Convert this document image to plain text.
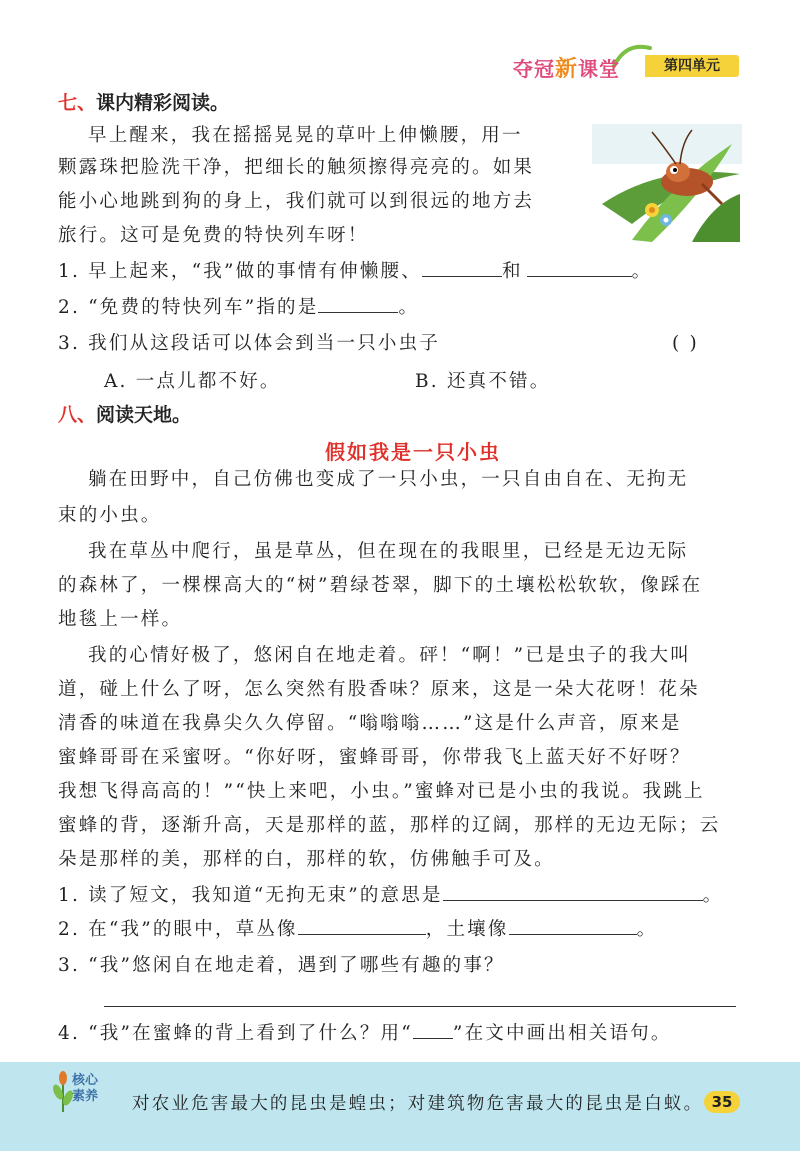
夺冠新课堂	第四单元
七、课内精彩阅读。
早上醒来，我在摇摇晃晃的草叶上伸懒腰，用一
颗露珠把脸洗干净，把细长的触须擦得亮亮的。如果
能小心地跳到狗的身上，我们就可以到很远的地方去
旅行。这可是免费的特快列车呀！
1. 早上起来，“我”做的事情有伸懒腰、	和	。
2. “免费的特快列车”指的是	。
3. 我们从这段话可以体会到当一只小虫子	( )
A. 一点儿都不好。	B. 还真不错。
八、阅读天地。
假如我是一只小虫
躺在田野中，自己仿佛也变成了一只小虫，一只自由自在、无拘无
束的小虫。
我在草丛中爬行，虽是草丛，但在现在的我眼里，已经是无边无际
的森林了，一棵棵高大的“树”碧绿苍翠，脚下的土壤松松软软，像踩在
地毯上一样。
我的心情好极了，悠闲自在地走着。砰！“啊！”已是虫子的我大叫
道，碰上什么了呀，怎么突然有股香味？原来，这是一朵大花呀！花朵
清香的味道在我鼻尖久久停留。“嗡嗡嗡……”这是什么声音，原来是
蜜蜂哥哥在采蜜呀。“你好呀，蜜蜂哥哥，你带我飞上蓝天好不好呀？
我想飞得高高的！”“快上来吧，小虫。”蜜蜂对已是小虫的我说。我跳上
蜜蜂的背，逐渐升高，天是那样的蓝，那样的辽阔，那样的无边无际；云
朵是那样的美，那样的白，那样的软，仿佛触手可及。
1. 读了短文，我知道“无拘无束”的意思是	。
2. 在“我”的眼中，草丛像	，土壤像	。
3. “我”悠闲自在地走着，遇到了哪些有趣的事？
4. “我”在蜜蜂的背上看到了什么？用“ ”在文中画出相关语句。
核心
素养 对农业危害最大的昆虫是蝗虫；对建筑物危害最大的昆虫是白蚁。 35
